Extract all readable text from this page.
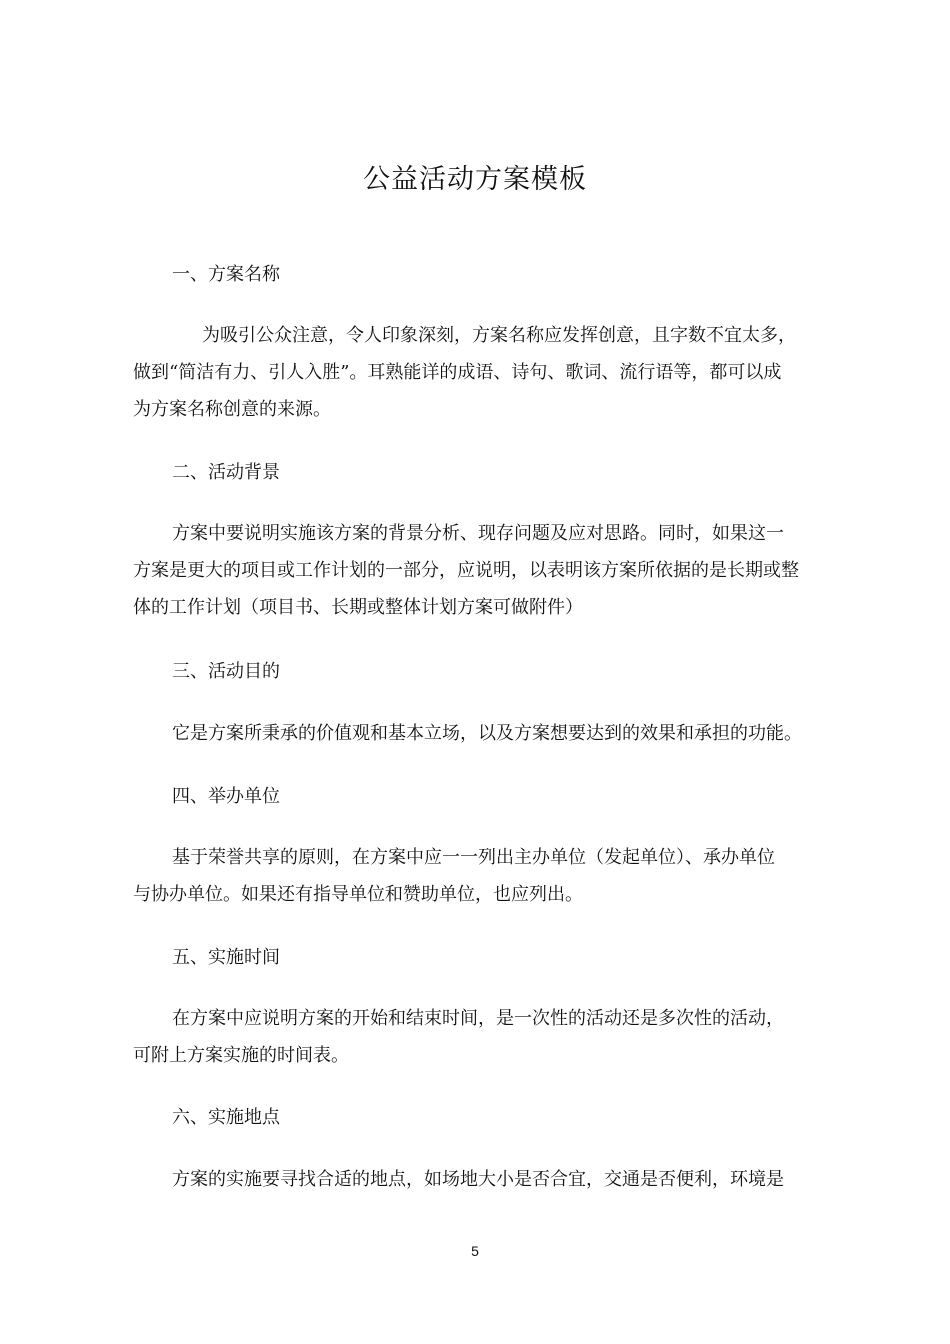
公益活动方案模板
一、方案名称
为吸引公众注意，令人印象深刻，方案名称应发挥创意，且字数不宜太多，
做到“简洁有力、引人入胜”。耳熟能详的成语、诗句、歌词、流行语等，都可以成
为方案名称创意的来源。
二、活动背景
方案中要说明实施该方案的背景分析、现存问题及应对思路。同时，如果这一
方案是更大的项目或工作计划的一部分，应说明，以表明该方案所依据的是长期或整
体的工作计划（项目书、长期或整体计划方案可做附件）
三、活动目的
它是方案所秉承的价值观和基本立场，以及方案想要达到的效果和承担的功能。
四、举办单位
基于荣誉共享的原则，在方案中应一一列出主办单位（发起单位）、承办单位
与协办单位。如果还有指导单位和赞助单位，也应列出。
五、实施时间
在方案中应说明方案的开始和结束时间，是一次性的活动还是多次性的活动，
可附上方案实施的时间表。
六、实施地点
方案的实施要寻找合适的地点，如场地大小是否合宜，交通是否便利，环境是
5
